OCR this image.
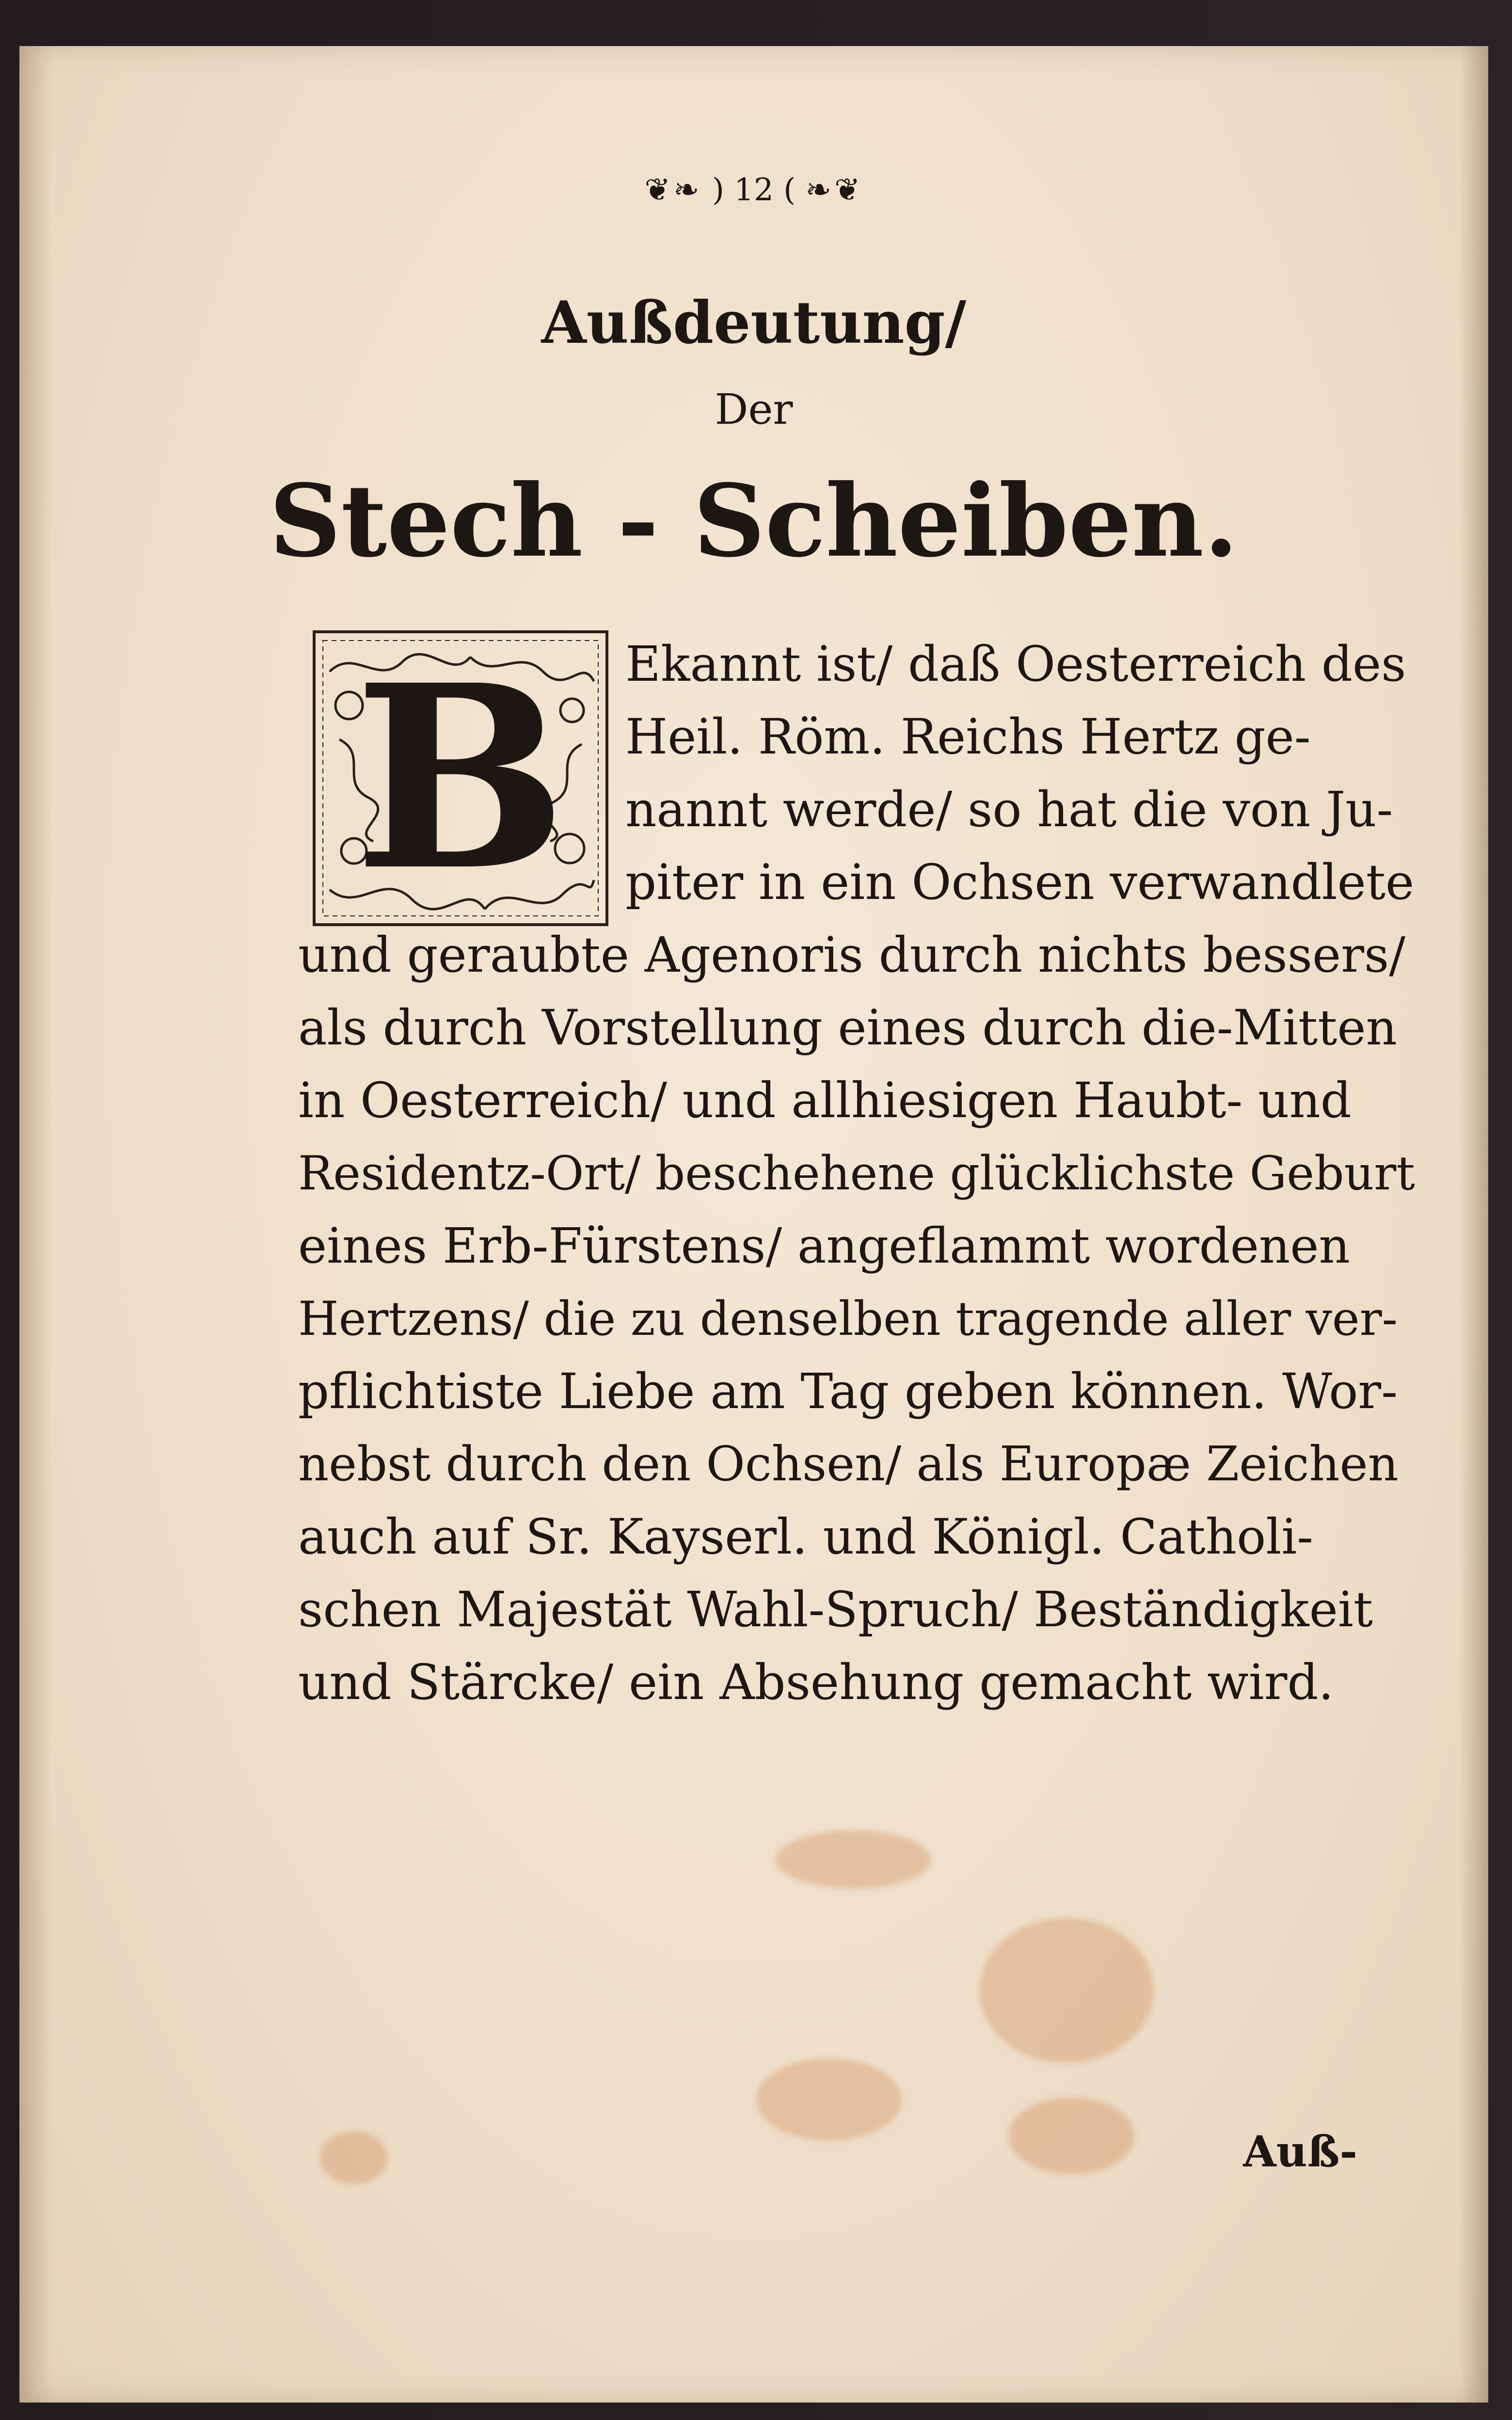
❦❧ ) 12 ( ❧❦
Außdeutung/
Der
Stech - Scheiben.
B	Ekannt ist/ daß Oesterreich des
Heil. Röm. Reichs Hertz ge-
nannt werde/ so hat die von Ju-
piter in ein Ochsen verwandlete
und geraubte Agenoris durch nichts bessers/
als durch Vorstellung eines durch die-Mitten
in Oesterreich/ und allhiesigen Haubt- und
Residentz-Ort/ beschehene glücklichste Geburt
eines Erb-Fürstens/ angeflammt wordenen
Hertzens/ die zu denselben tragende aller ver-
pflichtiste Liebe am Tag geben können. Wor-
nebst durch den Ochsen/ als Europæ Zeichen
auch auf Sr. Kayserl. und Königl. Catholi-
schen Majestät Wahl-Spruch/ Beständigkeit
und Stärcke/ ein Absehung gemacht wird.
Auß-
